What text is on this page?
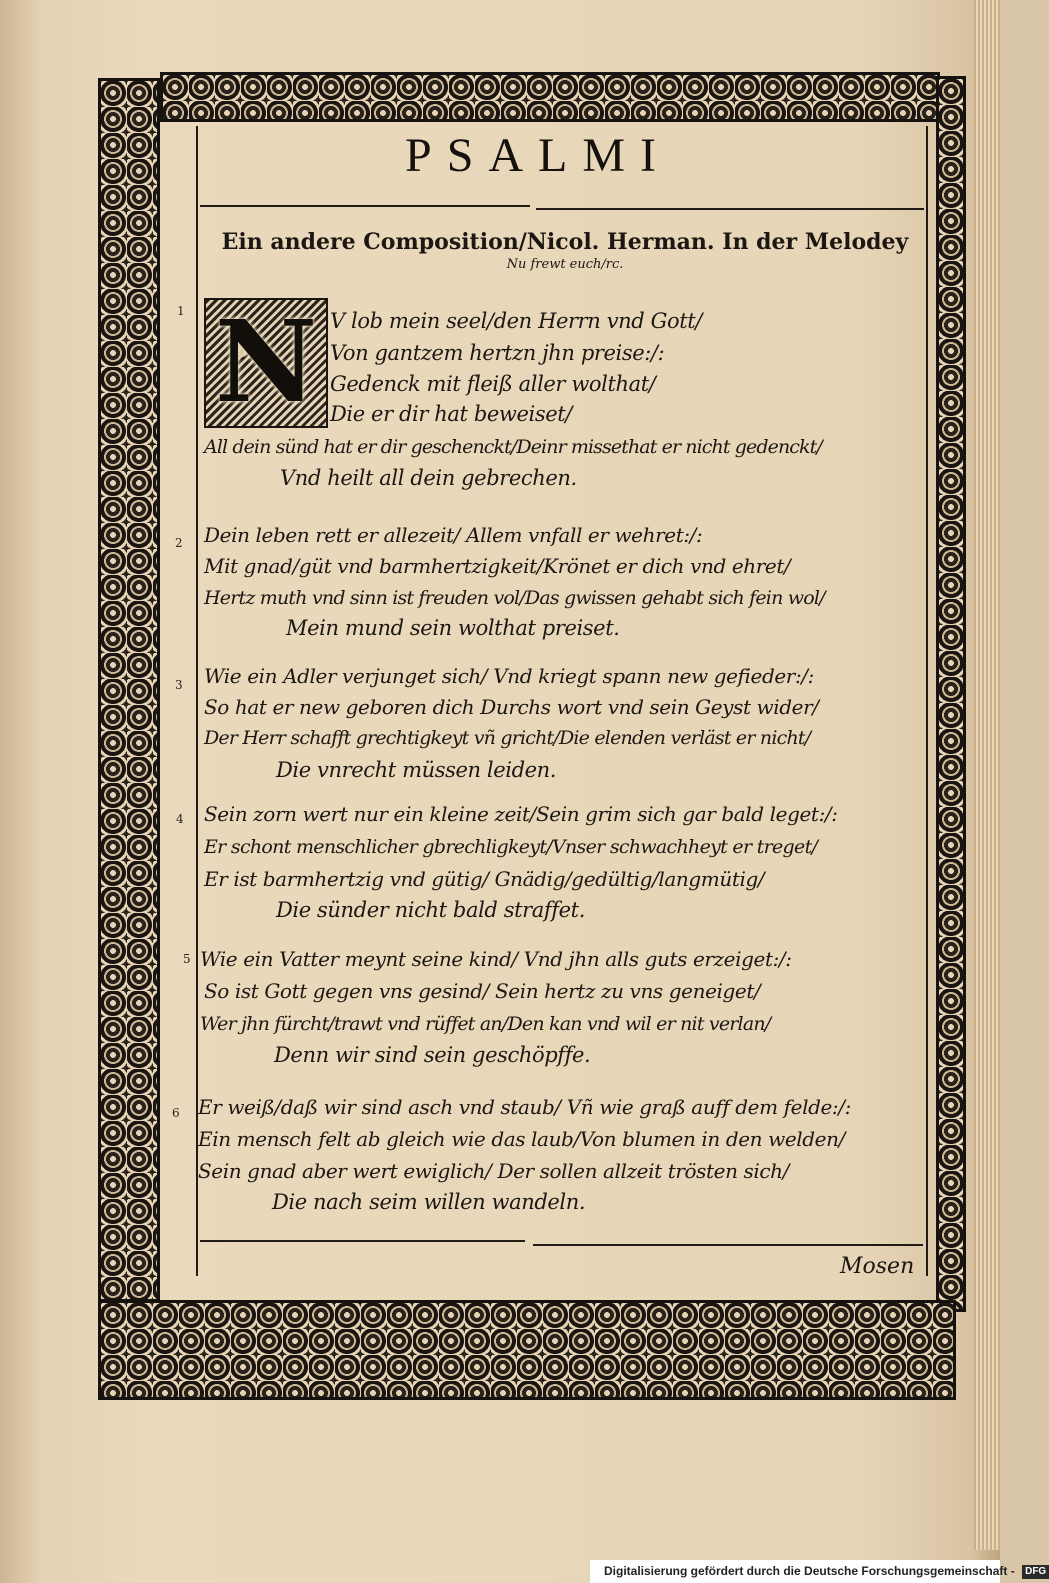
PSALMI
Ein andere Composition/Nicol. Herman. In der Melodey
Nu frewt euch/rc.
N
1	V lob mein seel/den Herrn vnd Gott/
Von gantzem hertzn jhn preise:/:
Gedenck mit fleiß aller wolthat/
Die er dir hat beweiset/
All dein sünd hat er dir geschenckt/Deinr missethat er nicht gedenckt/
Vnd heilt all dein gebrechen.
2 Dein leben rett er allezeit/ Allem vnfall er wehret:/:
Mit gnad/güt vnd barmhertzigkeit/Krönet er dich vnd ehret/
Hertz muth vnd sinn ist freuden vol/Das gwissen gehabt sich fein wol/
Mein mund sein wolthat preiset.
3 Wie ein Adler verjunget sich/ Vnd kriegt spann new gefieder:/:
So hat er new geboren dich Durchs wort vnd sein Geyst wider/
Der Herr schafft grechtigkeyt vñ gricht/Die elenden verläst er nicht/
Die vnrecht müssen leiden.
4 Sein zorn wert nur ein kleine zeit/Sein grim sich gar bald leget:/:
Er schont menschlicher gbrechligkeyt/Vnser schwachheyt er treget/
Er ist barmhertzig vnd gütig/ Gnädig/gedültig/langmütig/
Die sünder nicht bald straffet.
5 Wie ein Vatter meynt seine kind/ Vnd jhn alls guts erzeiget:/:
So ist Gott gegen vns gesind/ Sein hertz zu vns geneiget/
Wer jhn fürcht/trawt vnd rüffet an/Den kan vnd wil er nit verlan/
Denn wir sind sein geschöpffe.
6 Er weiß/daß wir sind asch vnd staub/ Vñ wie graß auff dem felde:/:
Ein mensch felt ab gleich wie das laub/Von blumen in den welden/
Sein gnad aber wert ewiglich/ Der sollen allzeit trösten sich/
Die nach seim willen wandeln.
Mosen
Digitalisierung gefördert durch die Deutsche Forschungsgemeinschaft - DFG
